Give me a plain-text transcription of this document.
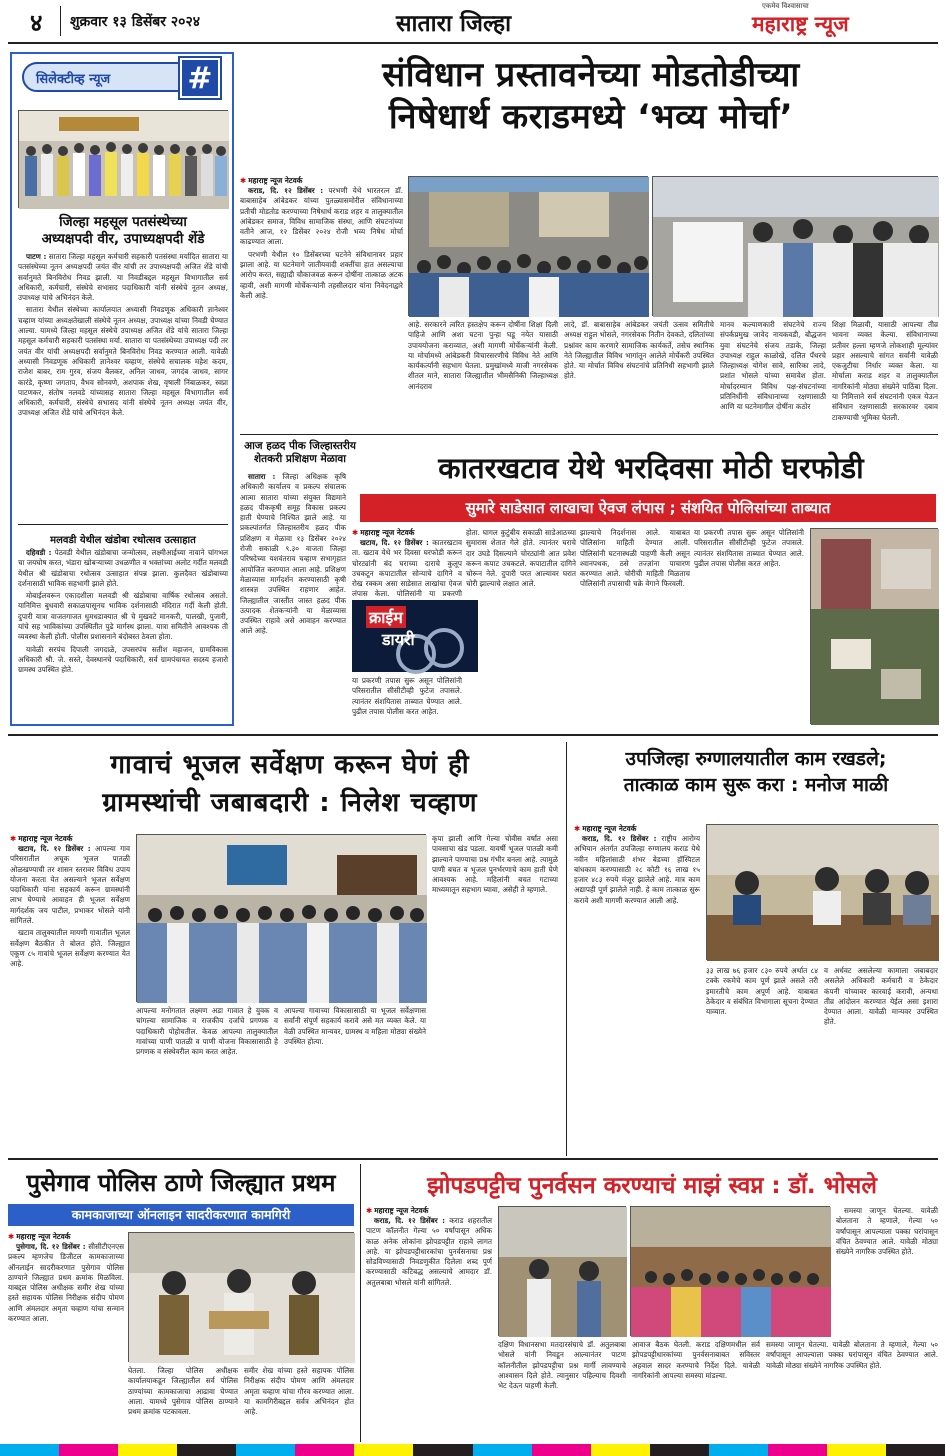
४ शुक्रवार १३ डिसेंबर २०२४	सातारा जिल्हा
एकमेव विश्वासाचा
महाराष्ट्र न्यूज
सिलेक्टीव्ह न्यूज	#
जिल्हा महसूल पतसंस्थेच्या
अध्यक्षपदी वीर, उपाध्यक्षपदी शेंडे

पाटण : सातारा जिल्हा महसूल कर्मचारी सहकारी पतसंस्था मर्यादित सातारा या पतसंस्थेच्या नूतन अध्यक्षपदी जयंत वीर यांची तर उपाध्यक्षपदी अजित शेंडे यांची सर्वानुमते बिनविरोध निवड झाली. या निवडीबद्दल महसूल विभागातील सर्व अधिकारी, कर्मचारी, संस्थेचे सभासद पदाधिकारी यांनी संस्थेचे नूतन अध्यक्ष, उपाध्यक्ष यांचे अभिनंदन केले.

सातारा येथील संस्थेच्या कार्यालयात अध्यासी निवडणूक अधिकारी ज्ञानेश्वर चव्हाण यांच्या अध्यक्षतेखाली संस्थेचे नूतन अध्यक्ष, उपाध्यक्ष यांच्या निवडी घेण्यात आल्या. यामध्ये जिल्हा महसूल संस्थेचे उपाध्यक्ष अजित शेंडे यांचे सातारा जिल्हा महसूल कर्मचारी सहकारी पतसंस्था मर्या. सातारा या पतसंस्थेच्या उपाध्यक्ष पदी तर जयंत वीर यांची अध्यक्षपदी सर्वानुमते बिनविरोध निवड करण्यात आली. यावेळी अध्यासी निवडणूक अधिकारी ज्ञानेश्वर चव्हाण, संस्थेचे सचालक महेश कदम, राजेश बाबर, राम गुरव, संजय बैलकर, अनिल जाधव, जगदंब जाधव, सागर कारंडे, कृष्णा जगताप, वैभव सोनवणे, अशपाक शेख, वृषाली निंबाळकर, स्वप्ना पाटणकर, संतोष नलवडे यांच्यासह सातारा जिल्हा महसूल विभागातील सर्व अधिकारी, कर्मचारी, संस्थेचे सभासद यांनी संस्थेचे नूतन अध्यक्ष जयंत वीर, उपाध्यक्ष अजित शेंडे यांचे अभिनंदन केले.

मलवडी येथील खंडोबा रथोत्सव उत्साहात

दहिवडी : पेठवडी येथील खंडोबाचा जन्मोत्सव, लक्ष्मीआईच्या नावाने चांगभल चा जयघोष करत, भंडारा खोबऱ्याच्या उधळणीत व भक्तांच्या अलोट गर्दीत मलवडी येथील श्री खंडोबाचा रथोत्सव उत्साहात संपन्न झाला. कुलदैवत खंडोबाच्या दर्शनासाठी भाविक सहभागी झाले होते.

मोबाईलवरून एकादशीला मलवडी श्री खंडोबाचा वार्षिक रथोत्सव असतो. यानिमित्त बुधवारी सकाळपासूनच भाविक दर्शनासाठी मंदिरात गर्दी केली होती. दुपारी यात्रा वाजतगाजत धुमधडाक्यात श्री चे मुखवटे मानकरी, पालखी, पुजारी, यांचे सह भाविकांच्या उपस्थितीत पुढे मार्गस्थ झाला. यात्रा समितीने आवश्यक ती व्यवस्था केली होती. पोलीस प्रशासनाने बंदोबस्त ठेवला होता.

यावेळी सरपंच दिपाली जगदाळे, उपसरपंच सतीश महाजन, ग्रामविकास अधिकारी श्री. जे. सस्ते, देवस्थानचे पदाधिकारी, सर्व ग्रामपंचायत सदस्य हजारो ग्रामस्थ उपस्थित होते.

संविधान प्रस्तावनेच्या मोडतोडीच्या
निषेधार्थ कराडमध्ये ‘भव्य मोर्चा’
✱ महाराष्ट्र न्यूज नेटवर्क

कराड, दि. १२ डिसेंबर : परभणी येथे भारतरत्न डॉ. बाबासाहेब आंबेडकर यांच्या पुतळ्यासमोरील संविधानाच्या प्रतीची मोडतोड करण्याच्या निषेधार्थ कराड शहर व तालुक्यातील आंबेडकर समाज, विविध सामाजिक संस्था, आणि संघटनांच्या वतीने आज, १२ डिसेंबर २०२४ रोजी भव्य निषेध मोर्चा काढण्यात आला.

परभणी येथील १० डिसेंबरच्या घटनेने संविधानावर प्रहार झाला आहे. या घटनेमागे जातीयवादी शक्तींचा हात असल्याचा आरोप करत, सह्याद्री चौकाजवळ करून दोषींना तात्काळ अटक व्हावी, अशी मागणी मोर्चेकऱ्यांनी तहसीलदार यांना निवेदनाद्वारे केली आहे.

आहे. सरकारने त्वरित हस्तक्षेप करून दोषींना शिक्षा दिली पाहिजे आणि अशा घटना पुन्हा घडू नयेत यासाठी उपाययोजना कराव्यात, अशी मागणी मोर्चेकऱ्यांनी केली. या मोर्चामध्ये आंबेडकरी विचारसरणीचे विविध नेते आणि कार्यकर्त्यांनी सहभाग घेतला. प्रमुखांमध्ये माजी नगरसेवक शीतल माने, सातारा जिल्ह्यातील भीमसैनिकी जिल्हाध्यक्ष आनंदराव
लादे, डॉ. बाबासाहेब आंबेडकर जयंती उत्सव समितीचे अध्यक्ष राहुल भोसले, नगरसेवक नितीन देवकते, दलितांच्या प्रश्नांवर काम करणारे सामाजिक कार्यकर्ते, तसेच स्थानिक नेते जिल्ह्यातील विविध भागांतून आलेले मोर्चेकरी उपस्थित होते. या मोर्चात विविध संघटनांचे प्रतिनिधी सहभागी झाले होते.
मानव कल्याणकारी संघटनेचे राज्य संपर्कप्रमुख जावेद नायकवडी, बौद्धजन युवा संघटनेचे संजय तडाके, जिल्हा उपाध्यक्ष राहुल काळोखे, दलित पँथरचे जिल्हाध्यक्ष योगेश सावे, सारिका लादे, प्रशांत भोसले यांच्या समावेश होता. मोर्चादरम्यान विविध पक्ष-संघटनांच्या प्रतिनिधींनी संविधानाच्या रक्षणासाठी आणि या घटनेमागील दोषींना कठोर
शिक्षा मिळावी, यासाठी आपल्या तीव्र भावना व्यक्त केल्या. संविधानाच्या प्रतीवर हल्ला म्हणजे लोकशाही मूल्यांवर प्रहार असल्याचे सांगत सर्वांनी यावेळी एकजुटीचा निर्धार व्यक्त केला. या मोर्चाला कराड शहर व तालुक्यातील नागरिकांनी मोठ्या संख्येने पाठिंबा दिला. या निमित्ताने सर्व संघटनांनी एकत्र येऊन संविधान रक्षणासाठी सरकारवर दबाव टाकण्याची भूमिका घेतली.
आज हळद पीक जिल्हास्तरीय
शेतकरी प्रशिक्षण मेळावा

सातारा : जिल्हा अधिक्षक कृषि अधिकारी कार्यालय व प्रकल्प संचालक आत्मा सातारा यांच्या संयुक्त विद्यमाने हळद पीककृषी समूह विकास प्रकल्प हाती घेण्याचे निश्चित झाले आहे. या प्रकल्पांतर्गत जिल्हास्तरीय हळद पीक प्रशिक्षण व मेळावा १३ डिसेंबर २०२४ रोजी सकाळी ९.३० वाजता जिल्हा परिषदेच्या यशवंतराव चव्हाण सभागृहात आयोजित करण्यात आला आहे. प्रशिक्षण मेळाव्यास मार्गदर्शन करण्यासाठी कृषी शास्त्रज्ञ उपस्थित राहणार आहेत. जिल्ह्यातील जास्तीत जास्त हळद पीक उत्पादक शेतकऱ्यांनी या मेळाव्यास उपस्थित राहावे असे आवाहन करण्यात आले आहे.

कातरखटाव येथे भरदिवसा मोठी घरफोडी
सुमारे साडेसात लाखाचा ऐवज लंपास ; संशयित पोलिसांच्या ताब्यात
✱ महाराष्ट्र न्यूज नेटवर्क

खटाव, दि. १२ डिसेंबर : कातरखटाव ता. खटाव येथे भर दिवसा घरफोडी करून चोरट्यांनी बंद घराच्या दाराचे कुलूप उचकटून कपाटातील सोन्याचे दागिने व रोख रक्कम असा साडेसात लाखांचा ऐवज लंपास केला. पोलिसांनी या प्रकरणी

क्राईम
डायरी
या प्रकरणी तपास सुरू असून पोलिसांनी परिसरातील सीसीटीव्ही फुटेज तपासले. त्यानंतर संशयितास ताब्यात घेण्यात आले. पुढील तपास पोलीस करत आहेत.
होता. घागल कुटुंबीय सकाळी साडेआठच्या सुमारास शेतात गेले होते. त्यानंतर घराचे दार उघडे दिसल्याने चोरट्यांनी आत प्रवेश करून कपाट उचकटले. कपाटातील दागिने चोरून नेले. दुपारी परत आल्यावर घरात चोरी झाल्याचे लक्षात आले.
झाल्याचे निदर्शनास आले. याबाबत पोलिसांना माहिती देण्यात आली. पोलिसांनी घटनास्थळी पाहणी केली असून श्वानपथक, ठसे तज्ज्ञांना पाचारण करण्यात आले. चोरीची माहिती मिळताच पोलिसांनी तपासाची चक्रे वेगाने फिरवली.
या प्रकरणी तपास सुरू असून पोलिसांनी परिसरातील सीसीटीव्ही फुटेज तपासले. त्यानंतर संशयितास ताब्यात घेण्यात आले. पुढील तपास पोलीस करत आहेत.
गावाचं भूजल सर्वेक्षण करून घेणं ही
ग्रामस्थांची जबाबदारी : निलेश चव्हाण
✱ महाराष्ट्र न्यूज नेटवर्क

खटाव, दि. १२ डिसेंबर : आपल्या गाव परिसरातील अचूक भूजल पातळी ओळखण्याची तर शासन स्तरावर विविध उपाय योजना करता येत असल्याने भूजल सर्वेक्षण पदाधिकारी यांना सहकार्य करून ग्रामस्थांनी लाभ घेण्याचे आवाहन ही भूजल सर्वेक्षण मार्गदर्शक जय पाटील, प्रभाकर भोसले यांनी सांगितले.

खटाव तालुक्यातील मायणी गावातील भूजल सर्वेक्षण बैठकीत ते बोलत होते. जिल्ह्यात एकूण ८५ गावांचे भूजल सर्वेक्षण करण्यात येत आहे.

आपल्या मनोगतात लक्ष्मण अडा गावात हे युवक व चांगल्या सामाजिक व राजकीय दर्जाचे प्रगणक व पदाधिकारी पोहोचतील. केवळ आपल्या तालुक्यातील गावांच्या पाणी पातळी व पाणी योजना विकासासाठी हे प्रगणक व संस्थेवरील काम करत आहेत.
आपल्या गावाच्या विकासासाठी या भूजल सर्वेक्षणास सर्वांनी संपूर्ण सहकार्य करावे असे मत व्यक्त केले. या वेळी उपस्थित मान्यवर, ग्रामस्थ व महिला मोठ्या संख्येने उपस्थित होत्या.
कृपा झाली आणि गेल्या चोवीस वर्षांत असा पावसाचा खंड पडला. यावर्षी भूजल पातळी कमी झाल्याने पाण्याचा प्रश्न गंभीर बनला आहे. त्यामुळे पाणी बचत व भूजल पुनर्भरणाचे काम हाती घेणे आवश्यक आहे. महिलांनी बचत गटाच्या माध्यमातून सहभाग घ्यावा, असेही ते म्हणाले.
उपजिल्हा रुग्णालयातील काम रखडले;
तात्काळ काम सुरू करा : मनोज माळी
✱ महाराष्ट्र न्यूज नेटवर्क

कराड, दि. १२ डिसेंबर : राष्ट्रीय आरोग्य अभियान अंतर्गत उपजिल्हा रुग्णालय कराड येथे नवीन महिलांसाठी शंभर बेडच्या हॉस्पिटल बांधकाम करण्यासाठी २८ कोटी १६ लाख १५ हजार ४८३ रुपये मंजूर झालेले आहे. मात्र काम अद्यापही पूर्ण झालेले नाही. हे काम तात्काळ सुरू करावे अशी मागणी करण्यात आली आहे.

३३ लाख ७६ हजार ८३० रुपये अर्थात ८४ टक्के रकमेचे काम पूर्ण झाले असले तरी इमारतीचे काम अपूर्ण आहे. याबाबत ठेकेदार व संबंधित विभागाला सूचना देण्यात याव्यात.
व अर्धवट असलेल्या कामाला जबाबदार असलेले अधिकारी कर्मचारी व ठेकेदार कंपनी यांच्यावर कारवाई करावी, अन्यथा तीव्र आंदोलन करण्यात येईल असा इशारा देण्यात आला. यावेळी मान्यवर उपस्थित होते.
पुसेगाव पोलिस ठाणे जिल्ह्यात प्रथम
कामकाजाच्या ऑनलाइन सादरीकरणात कामगिरी
✱ महाराष्ट्र न्यूज नेटवर्क

पुसेगाव, दि. १२ डिसेंबर : सीसीटीएनएस प्रकल्प म्हणजेच डिजीटल कामकाजाच्या ऑनलाईन सादरीकरणात पुसेगाव पोलिस ठाण्याने जिल्ह्यात प्रथम क्रमांक मिळविला. याबद्दल पोलिस अधीक्षक समीर शेख यांच्या हस्ते सहायक पोलिस निरीक्षक संदीप पोमण आणि अंमलदार अमृता चव्हाण यांचा सन्मान करण्यात आला.

घेतला. जिल्हा पोलिस अधीक्षक कार्यालयाकडून जिल्ह्यातील सर्व पोलिस ठाण्यांच्या कामकाजाचा आढावा घेण्यात आला. यामध्ये पुसेगाव पोलिस ठाण्याने प्रथम क्रमांक पटकावला.
समीर शेख यांच्या हस्ते सहायक पोलिस निरीक्षक संदीप पोमण आणि अंमलदार अमृता चव्हाण यांचा गौरव करण्यात आला. या कामगिरीबद्दल सर्वत्र अभिनंदन होत आहे.
झोपडपट्टीच पुनर्वसन करण्याचं माझं स्वप्न : डॉ. भोसले
✱ महाराष्ट्र न्यूज नेटवर्क

कराड, दि. १२ डिसेंबर : कराड शहरातील पाटण कॉलनीत गेल्या ५० वर्षांपासून अधिक काळ अनेक लोकांना झोपडपट्टीत राहावे लागत आहे. या झोपडपट्टीधारकांचा पुनर्वसनाचा प्रश्न सोडविण्यासाठी निवडणुकीत दिलेला शब्द पूर्ण करण्यासाठी कटिबद्ध असल्याचे आमदार डॉ. अतुलबाबा भोसले यांनी सांगितले.

दक्षिण विधानसभा मतदारसंघाचे डॉ. अतुलबाबा भोसले यांनी निवडून आल्यानंतर पाटण कॉलनीतील झोपडपट्टीचा प्रश्न मार्गी लावण्याचे आश्वासन दिले होते. त्यानुसार पहिल्याच दिवशी भेट देऊन पाहणी केली.
आवाज बैठक घेतली. कराड दक्षिणमधील सर्व झोपडपट्टीधारकांच्या पुनर्वसनाबाबत सविस्तर अहवाल सादर करण्याचे निर्देश दिले. यावेळी नागरिकांनी आपल्या समस्या मांडल्या.
समस्या जाणून घेतल्या. यावेळी बोलताना ते म्हणाले, गेल्या ५० वर्षांपासून आपल्याला पक्का घरांपासून वंचित ठेवण्यात आले. यावेळी मोठ्या संख्येने नागरिक उपस्थित होते.

समस्या जाणून घेतल्या. यावेळी बोलताना ते म्हणाले, गेल्या ५० वर्षांपासून आपल्याला पक्का घरांपासून वंचित ठेवण्यात आले. यावेळी मोठ्या संख्येने नागरिक उपस्थित होते.
